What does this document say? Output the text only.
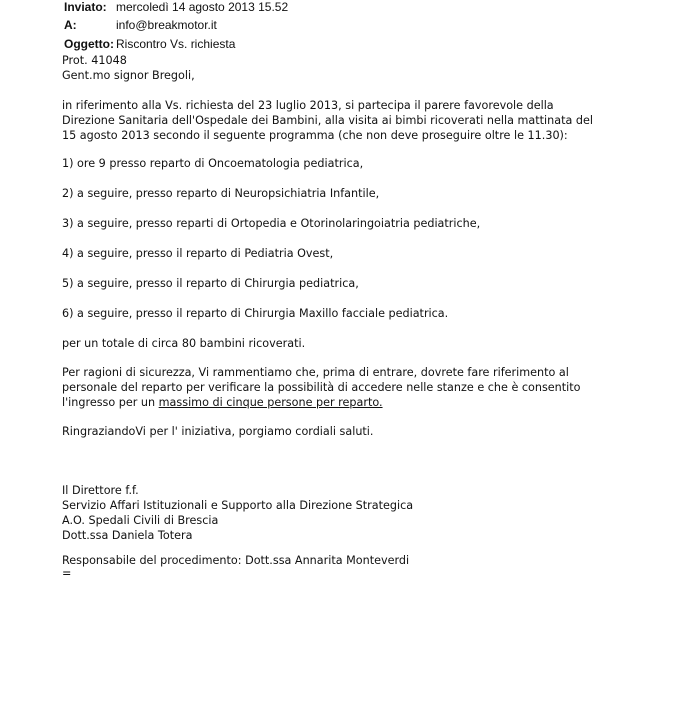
Inviato: mercoledì 14 agosto 2013 15.52
A:	info@breakmotor.it
Oggetto: Riscontro Vs. richiesta
Prot. 41048
Gent.mo signor Bregoli,
in riferimento alla Vs. richiesta del 23 luglio 2013, si partecipa il parere favorevole della
Direzione Sanitaria dell'Ospedale dei Bambini, alla visita ai bimbi ricoverati nella mattinata del
15 agosto 2013 secondo il seguente programma (che non deve proseguire oltre le 11.30):
1) ore 9 presso reparto di Oncoematologia pediatrica,
2) a seguire, presso reparto di Neuropsichiatria Infantile,
3) a seguire, presso reparti di Ortopedia e Otorinolaringoiatria pediatriche,
4) a seguire, presso il reparto di Pediatria Ovest,
5) a seguire, presso il reparto di Chirurgia pediatrica,
6) a seguire, presso il reparto di Chirurgia Maxillo facciale pediatrica.
per un totale di circa 80 bambini ricoverati.
Per ragioni di sicurezza, Vi rammentiamo che, prima di entrare, dovrete fare riferimento al
personale del reparto per verificare la possibilità di accedere nelle stanze e che è consentito
l'ingresso per un massimo di cinque persone per reparto.
RingraziandoVi per l' iniziativa, porgiamo cordiali saluti.
Il Direttore f.f.
Servizio Affari Istituzionali e Supporto alla Direzione Strategica
A.O. Spedali Civili di Brescia
Dott.ssa Daniela Totera
Responsabile del procedimento: Dott.ssa Annarita Monteverdi
=
